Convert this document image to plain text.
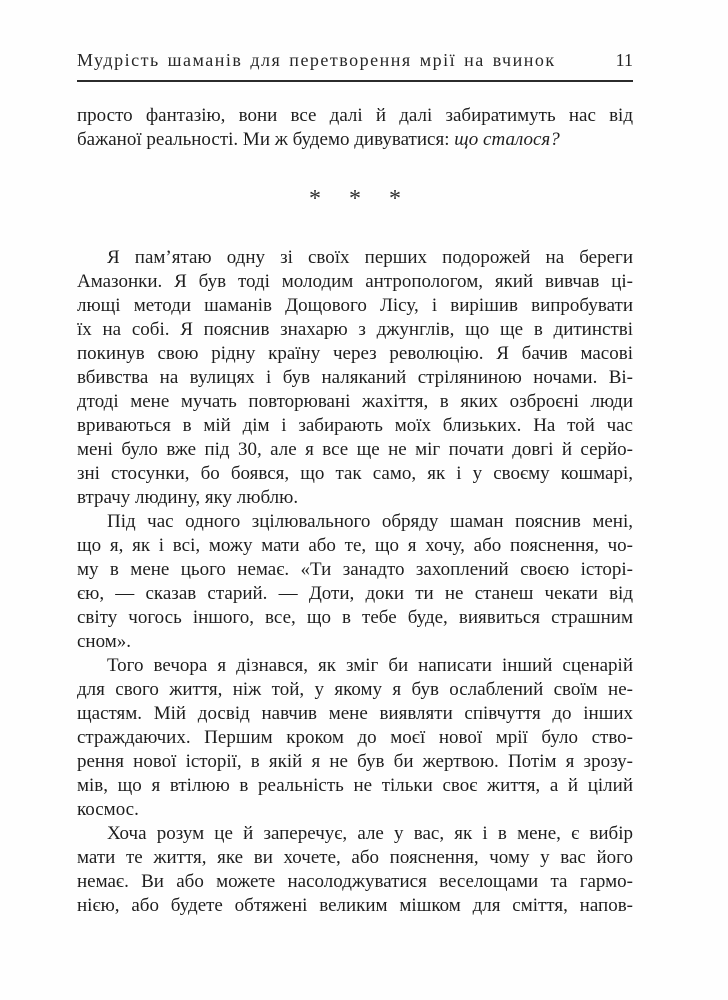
Мудрість шаманів для перетворення мрії на вчинок	11
просто фантазію, вони все далі й далі забиратимуть нас від
бажаної реальності. Ми ж будемо дивуватися: що сталося?
* * *
Я пам’ятаю одну зі своїх перших подорожей на береги
Амазонки. Я був тоді молодим антропологом, який вивчав ці-
лющі методи шаманів Дощового Лісу, і вирішив випробувати
їх на собі. Я пояснив знахарю з джунглів, що ще в дитинстві
покинув свою рідну країну через революцію. Я бачив масові
вбивства на вулицях і був наляканий стріляниною ночами. Ві-
дтоді мене мучать повторювані жахіття, в яких озброєні люди
вриваються в мій дім і забирають моїх близьких. На той час
мені було вже під 30, але я все ще не міг почати довгі й серйо-
зні стосунки, бо боявся, що так само, як і у своєму кошмарі,
втрачу людину, яку люблю.
Під час одного зцілювального обряду шаман пояснив мені,
що я, як і всі, можу мати або те, що я хочу, або пояснення, чо-
му в мене цього немає. «Ти занадто захоплений своєю історі-
єю, — сказав старий. — Доти, доки ти не станеш чекати від
світу чогось іншого, все, що в тебе буде, виявиться страшним
сном».
Того вечора я дізнався, як зміг би написати інший сценарій
для свого життя, ніж той, у якому я був ослаблений своїм не-
щастям. Мій досвід навчив мене виявляти співчуття до інших
страждаючих. Першим кроком до моєї нової мрії було ство-
рення нової історії, в якій я не був би жертвою. Потім я зрозу-
мів, що я втілюю в реальність не тільки своє життя, а й цілий
космос.
Хоча розум це й заперечує, але у вас, як і в мене, є вибір
мати те життя, яке ви хочете, або пояснення, чому у вас його
немає. Ви або можете насолоджуватися веселощами та гармо-
нією, або будете обтяжені великим мішком для сміття, напов-
